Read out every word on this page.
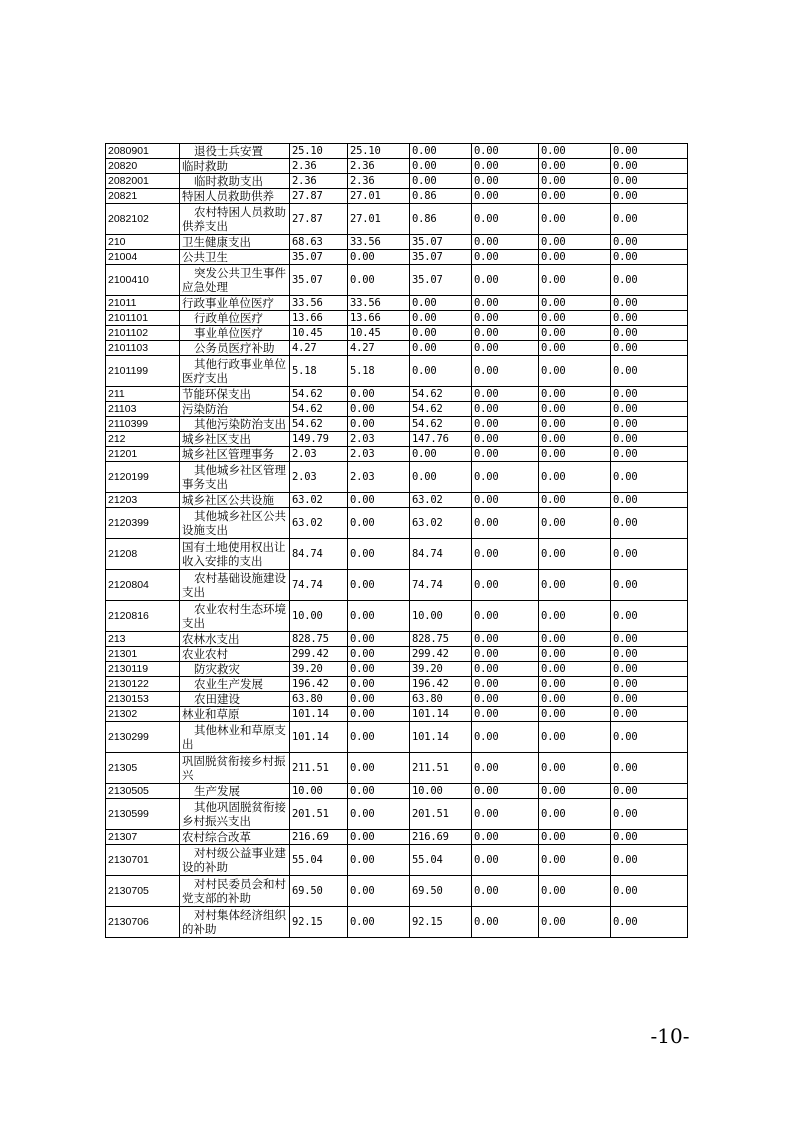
2080901	退役士兵安置	25.10	25.10	0.00	0.00	0.00	0.00
20820	临时救助	2.36	2.36	0.00	0.00	0.00	0.00
2082001	临时救助支出	2.36	2.36	0.00	0.00	0.00	0.00
20821	特困人员救助供养	27.87	27.01	0.86	0.00	0.00	0.00
2082102	农村特困人员救助供养支出	27.87	27.01	0.86	0.00	0.00	0.00
210	卫生健康支出	68.63	33.56	35.07	0.00	0.00	0.00
21004	公共卫生	35.07	0.00	35.07	0.00	0.00	0.00
2100410	突发公共卫生事件应急处理	35.07	0.00	35.07	0.00	0.00	0.00
21011	行政事业单位医疗	33.56	33.56	0.00	0.00	0.00	0.00
2101101	行政单位医疗	13.66	13.66	0.00	0.00	0.00	0.00
2101102	事业单位医疗	10.45	10.45	0.00	0.00	0.00	0.00
2101103	公务员医疗补助	4.27	4.27	0.00	0.00	0.00	0.00
2101199	其他行政事业单位医疗支出	5.18	5.18	0.00	0.00	0.00	0.00
211	节能环保支出	54.62	0.00	54.62	0.00	0.00	0.00
21103	污染防治	54.62	0.00	54.62	0.00	0.00	0.00
2110399	其他污染防治支出	54.62	0.00	54.62	0.00	0.00	0.00
212	城乡社区支出	149.79	2.03	147.76	0.00	0.00	0.00
21201	城乡社区管理事务	2.03	2.03	0.00	0.00	0.00	0.00
2120199	其他城乡社区管理事务支出	2.03	2.03	0.00	0.00	0.00	0.00
21203	城乡社区公共设施	63.02	0.00	63.02	0.00	0.00	0.00
2120399	其他城乡社区公共设施支出	63.02	0.00	63.02	0.00	0.00	0.00
21208	国有土地使用权出让收入安排的支出	84.74	0.00	84.74	0.00	0.00	0.00
2120804	农村基础设施建设支出	74.74	0.00	74.74	0.00	0.00	0.00
2120816	农业农村生态环境支出	10.00	0.00	10.00	0.00	0.00	0.00
213	农林水支出	828.75	0.00	828.75	0.00	0.00	0.00
21301	农业农村	299.42	0.00	299.42	0.00	0.00	0.00
2130119	防灾救灾	39.20	0.00	39.20	0.00	0.00	0.00
2130122	农业生产发展	196.42	0.00	196.42	0.00	0.00	0.00
2130153	农田建设	63.80	0.00	63.80	0.00	0.00	0.00
21302	林业和草原	101.14	0.00	101.14	0.00	0.00	0.00
2130299	其他林业和草原支出	101.14	0.00	101.14	0.00	0.00	0.00
21305	巩固脱贫衔接乡村振兴	211.51	0.00	211.51	0.00	0.00	0.00
2130505	生产发展	10.00	0.00	10.00	0.00	0.00	0.00
2130599	其他巩固脱贫衔接乡村振兴支出	201.51	0.00	201.51	0.00	0.00	0.00
21307	农村综合改革	216.69	0.00	216.69	0.00	0.00	0.00
2130701	对村级公益事业建设的补助	55.04	0.00	55.04	0.00	0.00	0.00
2130705	对村民委员会和村党支部的补助	69.50	0.00	69.50	0.00	0.00	0.00
2130706	对村集体经济组织的补助	92.15	0.00	92.15	0.00	0.00	0.00
-10-
